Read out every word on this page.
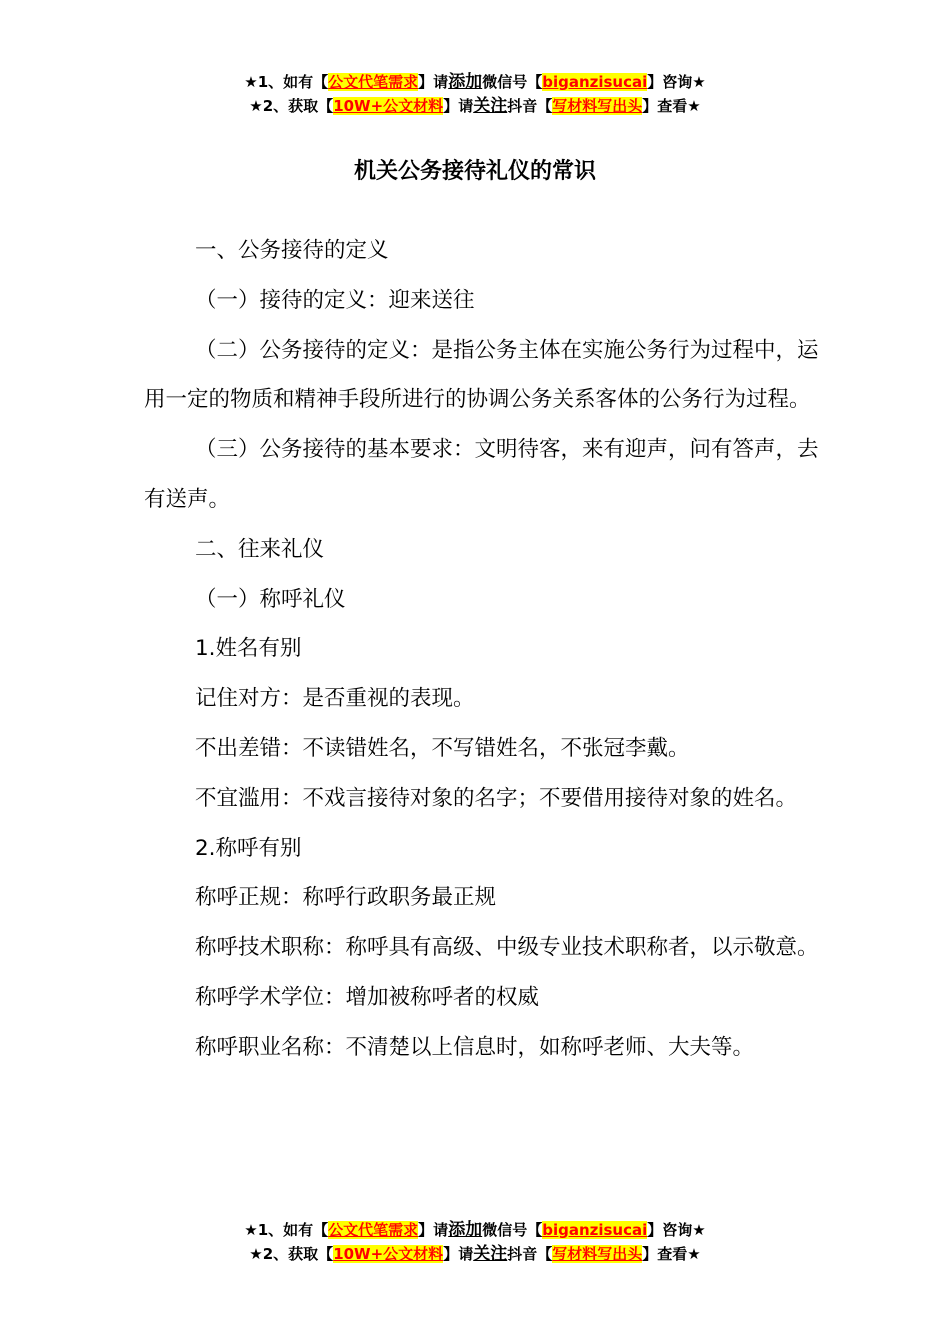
★1、如有【公文代笔需求】请添加微信号【biganzisucai】咨询★
★2、获取【10W+公文材料】请关注抖音【写材料写出头】查看★
机关公务接待礼仪的常识

一、公务接待的定义

（一）接待的定义：迎来送往

（二）公务接待的定义：是指公务主体在实施公务行为过程中，运用一定的物质和精神手段所进行的协调公务关系客体的公务行为过程。

（三）公务接待的基本要求：文明待客，来有迎声，问有答声，去有送声。

二、往来礼仪

（一）称呼礼仪

1.姓名有别

记住对方：是否重视的表现。

不出差错：不读错姓名，不写错姓名，不张冠李戴。

不宜滥用：不戏言接待对象的名字；不要借用接待对象的姓名。

2.称呼有别

称呼正规：称呼行政职务最正规

称呼技术职称：称呼具有高级、中级专业技术职称者，以示敬意。

称呼学术学位：增加被称呼者的权威

称呼职业名称：不清楚以上信息时，如称呼老师、大夫等。

★1、如有【公文代笔需求】请添加微信号【biganzisucai】咨询★
★2、获取【10W+公文材料】请关注抖音【写材料写出头】查看★
